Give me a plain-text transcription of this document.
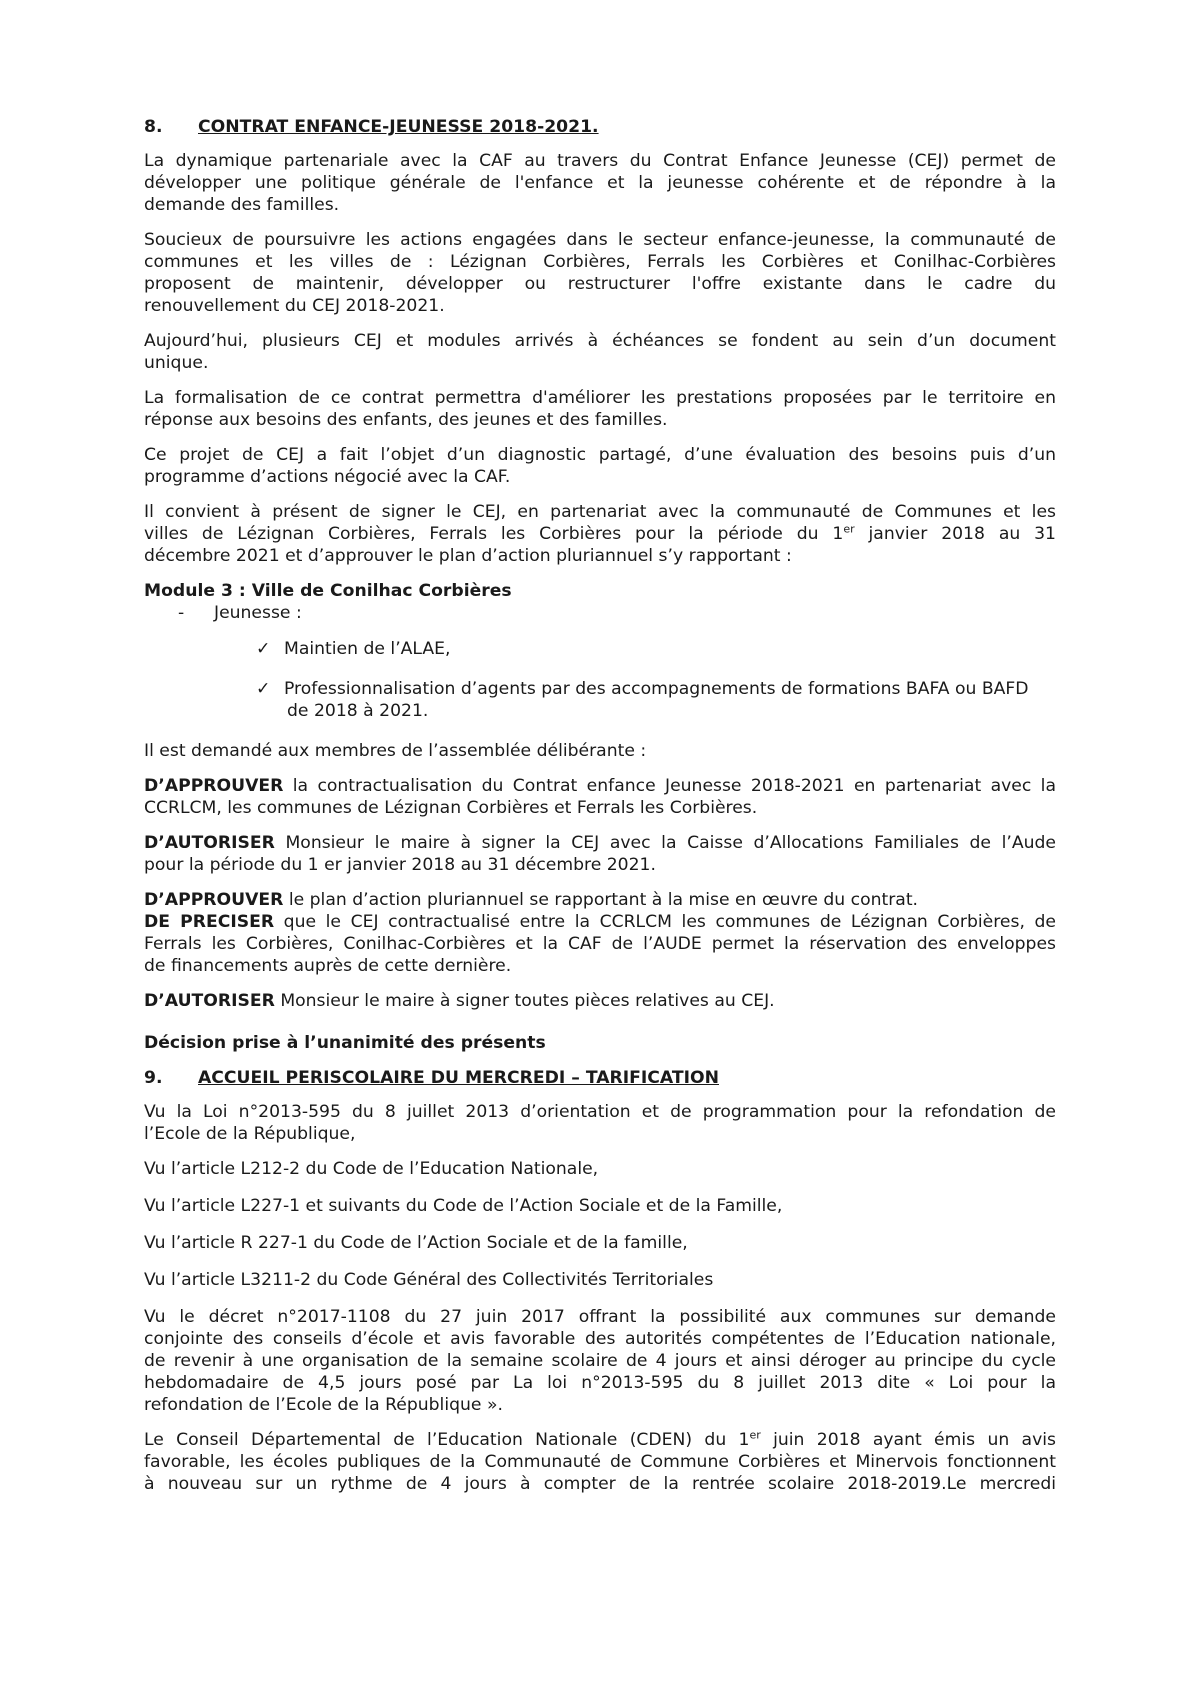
8. CONTRAT ENFANCE-JEUNESSE 2018-2021.
La dynamique partenariale avec la CAF au travers du Contrat Enfance Jeunesse (CEJ) permet de
développer une politique générale de l'enfance et la jeunesse cohérente et de répondre à la
demande des familles.
Soucieux de poursuivre les actions engagées dans le secteur enfance-jeunesse, la communauté de
communes et les villes de : Lézignan Corbières, Ferrals les Corbières et Conilhac-Corbières
proposent de maintenir, développer ou restructurer l'offre existante dans le cadre du
renouvellement du CEJ 2018-2021.
Aujourd’hui, plusieurs CEJ et modules arrivés à échéances se fondent au sein d’un document
unique.
La formalisation de ce contrat permettra d'améliorer les prestations proposées par le territoire en
réponse aux besoins des enfants, des jeunes et des familles.
Ce projet de CEJ a fait l’objet d’un diagnostic partagé, d’une évaluation des besoins puis d’un
programme d’actions négocié avec la CAF.
Il convient à présent de signer le CEJ, en partenariat avec la communauté de Communes et les
villes de Lézignan Corbières, Ferrals les Corbières pour la période du 1er janvier 2018 au 31
décembre 2021 et d’approuver le plan d’action pluriannuel s’y rapportant :
Module 3 : Ville de Conilhac Corbières
- Jeunesse :
✓ Maintien de l’ALAE,
✓ Professionnalisation d’agents par des accompagnements de formations BAFA ou BAFD
de 2018 à 2021.

Il est demandé aux membres de l’assemblée délibérante :

D’APPROUVER la contractualisation du Contrat enfance Jeunesse 2018-2021 en partenariat avec la
CCRLCM, les communes de Lézignan Corbières et Ferrals les Corbières.
D’AUTORISER Monsieur le maire à signer la CEJ avec la Caisse d’Allocations Familiales de l’Aude
pour la période du 1 er janvier 2018 au 31 décembre 2021.
D’APPROUVER le plan d’action pluriannuel se rapportant à la mise en œuvre du contrat.
DE PRECISER que le CEJ contractualisé entre la CCRLCM les communes de Lézignan Corbières, de
Ferrals les Corbières, Conilhac-Corbières et la CAF de l’AUDE permet la réservation des enveloppes
de financements auprès de cette dernière.
D’AUTORISER Monsieur le maire à signer toutes pièces relatives au CEJ.
Décision prise à l’unanimité des présents
9. ACCUEIL PERISCOLAIRE DU MERCREDI – TARIFICATION
Vu la Loi n°2013-595 du 8 juillet 2013 d’orientation et de programmation pour la refondation de
l’Ecole de la République,
Vu l’article L212-2 du Code de l’Education Nationale,
Vu l’article L227-1 et suivants du Code de l’Action Sociale et de la Famille,
Vu l’article R 227-1 du Code de l’Action Sociale et de la famille,
Vu l’article L3211-2 du Code Général des Collectivités Territoriales
Vu le décret n°2017-1108 du 27 juin 2017 offrant la possibilité aux communes sur demande
conjointe des conseils d’école et avis favorable des autorités compétentes de l’Education nationale,
de revenir à une organisation de la semaine scolaire de 4 jours et ainsi déroger au principe du cycle
hebdomadaire de 4,5 jours posé par La loi n°2013-595 du 8 juillet 2013 dite « Loi pour la
refondation de l’Ecole de la République ».
Le Conseil Départemental de l’Education Nationale (CDEN) du 1er juin 2018 ayant émis un avis
favorable, les écoles publiques de la Communauté de Commune Corbières et Minervois fonctionnent
à nouveau sur un rythme de 4 jours à compter de la rentrée scolaire 2018-2019.Le mercredi
